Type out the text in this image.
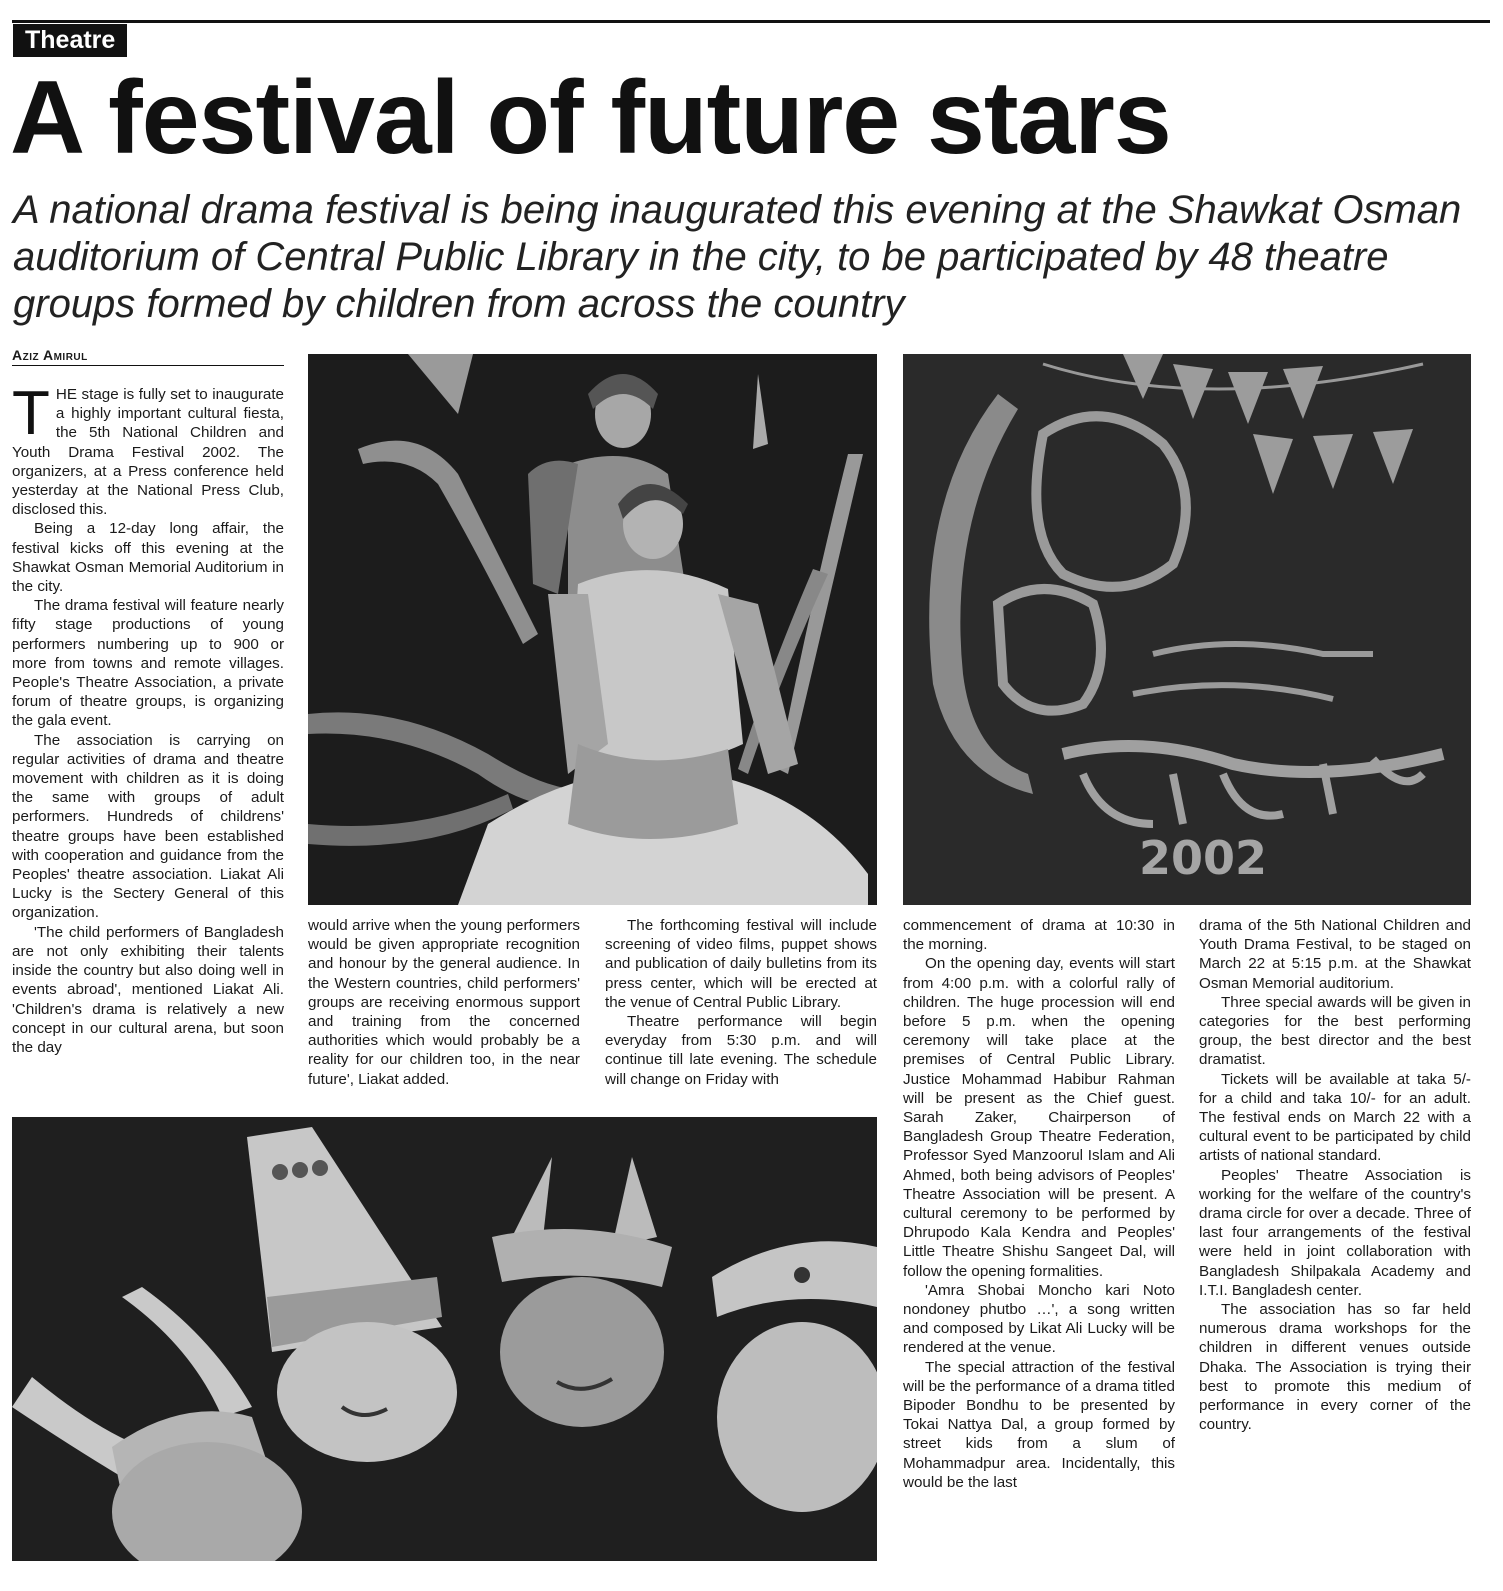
Theatre
A festival of future stars
A national drama festival is being inaugurated this evening at the Shawkat Osman auditorium of Central Public Library in the city, to be participated by 48 theatre groups formed by children from across the country
Aziz Amirul

THE stage is fully set to inaugurate a highly important cultural fiesta, the 5th National Children and Youth Drama Festival 2002. The organizers, at a Press conference held yesterday at the National Press Club, disclosed this.

Being a 12-day long affair, the festival kicks off this evening at the Shawkat Osman Memorial Auditorium in the city.

The drama festival will feature nearly fifty stage productions of young performers numbering up to 900 or more from towns and remote villages. People's Theatre Association, a private forum of theatre groups, is organizing the gala event.

The association is carrying on regular activities of drama and theatre movement with children as it is doing the same with groups of adult performers. Hundreds of childrens' theatre groups have been established with cooperation and guidance from the Peoples' theatre association. Liakat Ali Lucky is the Sectery General of this organization.

'The child performers of Bangladesh are not only exhibiting their talents inside the country but also doing well in events abroad', mentioned Liakat Ali. 'Children's drama is relatively a new concept in our cultural arena, but soon the day

2002

would arrive when the young performers would be given appropriate recognition and honour by the general audience. In the Western countries, child performers' groups are receiving enormous support and training from the concerned authorities which would probably be a reality for our children too, in the near future', Liakat added.

The forthcoming festival will include screening of video films, puppet shows and publication of daily bulletins from its press center, which will be erected at the venue of Central Public Library.

Theatre performance will begin everyday from 5:30 p.m. and will continue till late evening. The schedule will change on Friday with

commencement of drama at 10:30 in the morning.

On the opening day, events will start from 4:00 p.m. with a colorful rally of children. The huge procession will end before 5 p.m. when the opening ceremony will take place at the premises of Central Public Library. Justice Mohammad Habibur Rahman will be present as the Chief guest. Sarah Zaker, Chairperson of Bangladesh Group Theatre Federation, Professor Syed Manzoorul Islam and Ali Ahmed, both being advisors of Peoples' Theatre Association will be present. A cultural ceremony to be performed by Dhrupodo Kala Kendra and Peoples' Little Theatre Shishu Sangeet Dal, will follow the opening formalities.

'Amra Shobai Moncho kari Noto nondoney phutbo …', a song written and composed by Likat Ali Lucky will be rendered at the venue.

The special attraction of the festival will be the performance of a drama titled Bipoder Bondhu to be presented by Tokai Nattya Dal, a group formed by street kids from a slum of Mohammadpur area. Incidentally, this would be the last

drama of the 5th National Children and Youth Drama Festival, to be staged on March 22 at 5:15 p.m. at the Shawkat Osman Memorial auditorium.

Three special awards will be given in categories for the best performing group, the best director and the best dramatist.

Tickets will be available at taka 5/- for a child and taka 10/- for an adult. The festival ends on March 22 with a cultural event to be participated by child artists of national standard.

Peoples' Theatre Association is working for the welfare of the country's drama circle for over a decade. Three of last four arrangements of the festival were held in joint collaboration with Bangladesh Shilpakala Academy and I.T.I. Bangladesh center.

The association has so far held numerous drama workshops for the children in different venues outside Dhaka. The Association is trying their best to promote this medium of performance in every corner of the country.
